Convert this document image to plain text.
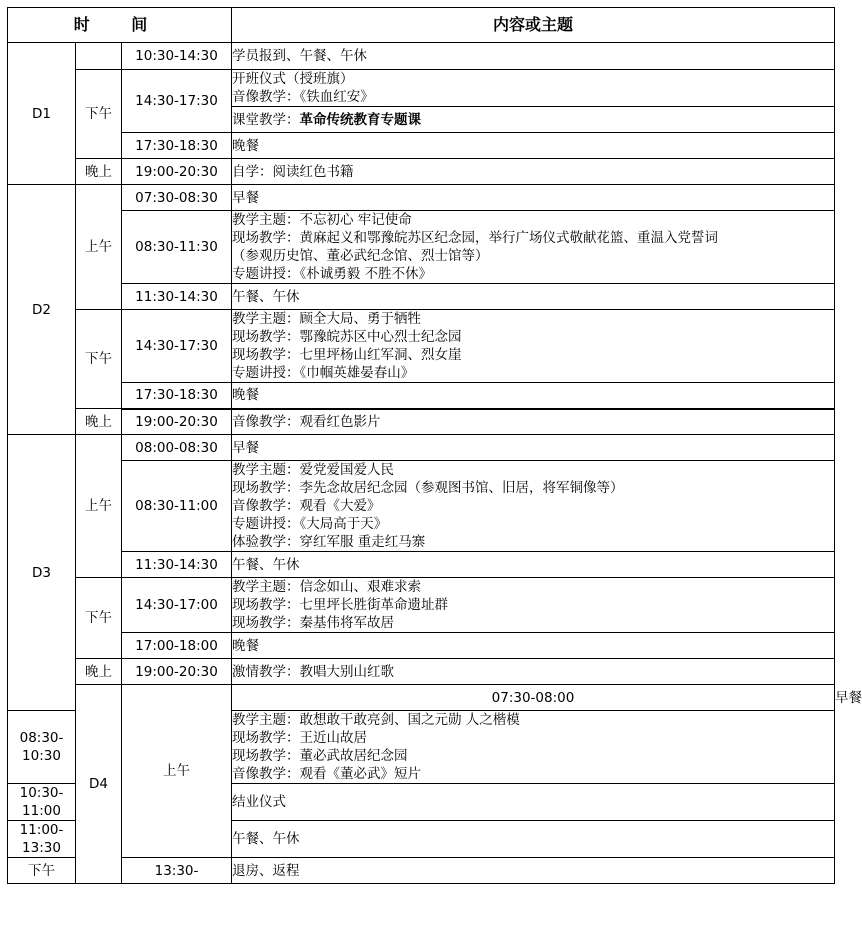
时 间			内容或主题	
D1		10:30-14:30	学员报到、午餐、午休	
	下午	14:30-17:30	开班仪式（授班旗）
音像教学：《铁血红安》	

			课堂教学：革命传统教育专题课	
		17:30-18:30	晚餐	
	晚上	19:00-20:30	自学：阅读红色书籍	
D2	上午	07:30-08:30	早餐	
		08:30-11:30	教学主题：不忘初心 牢记使命
现场教学：黄麻起义和鄂豫皖苏区纪念园，举行广场仪式敬献花篮、重温入党誓词
（参观历史馆、董必武纪念馆、烈士馆等）
专题讲授：《朴诚勇毅 不胜不休》	

		11:30-14:30	午餐、午休	
	下午	14:30-17:30	教学主题：顾全大局、勇于牺牲
现场教学：鄂豫皖苏区中心烈士纪念园
现场教学：七里坪杨山红军洞、烈女崖
专题讲授：《巾帼英雄晏春山》	

		17:30-18:30	晚餐	
	晚上	19:00-20:30	音像教学：观看红色影片	
D3	上午	08:00-08:30	早餐	
		08:30-11:00	教学主题：爱党爱国爱人民
现场教学：李先念故居纪念园（参观图书馆、旧居，将军铜像等）
音像教学：观看《大爱》
专题讲授：《大局高于天》
体验教学：穿红军服 重走红马寨	

		11:30-14:30	午餐、午休	
	下午	14:30-17:00	教学主题：信念如山、艰难求索
现场教学：七里坪长胜街革命遗址群
现场教学：秦基伟将军故居	

		17:00-18:00	晚餐	
	晚上	19:00-20:30	激情教学：教唱大别山红歌	
	D4	上午	07:30-08:00	早餐
08:30-10:30			教学主题：敢想敢干敢亮剑、国之元勋 人之楷模
现场教学：王近山故居
现场教学：董必武故居纪念园
音像教学：观看《董必武》短片	

10:30-11:00			结业仪式	
11:00-13:30			午餐、午休	
下午		13:30-	退房、返程	
